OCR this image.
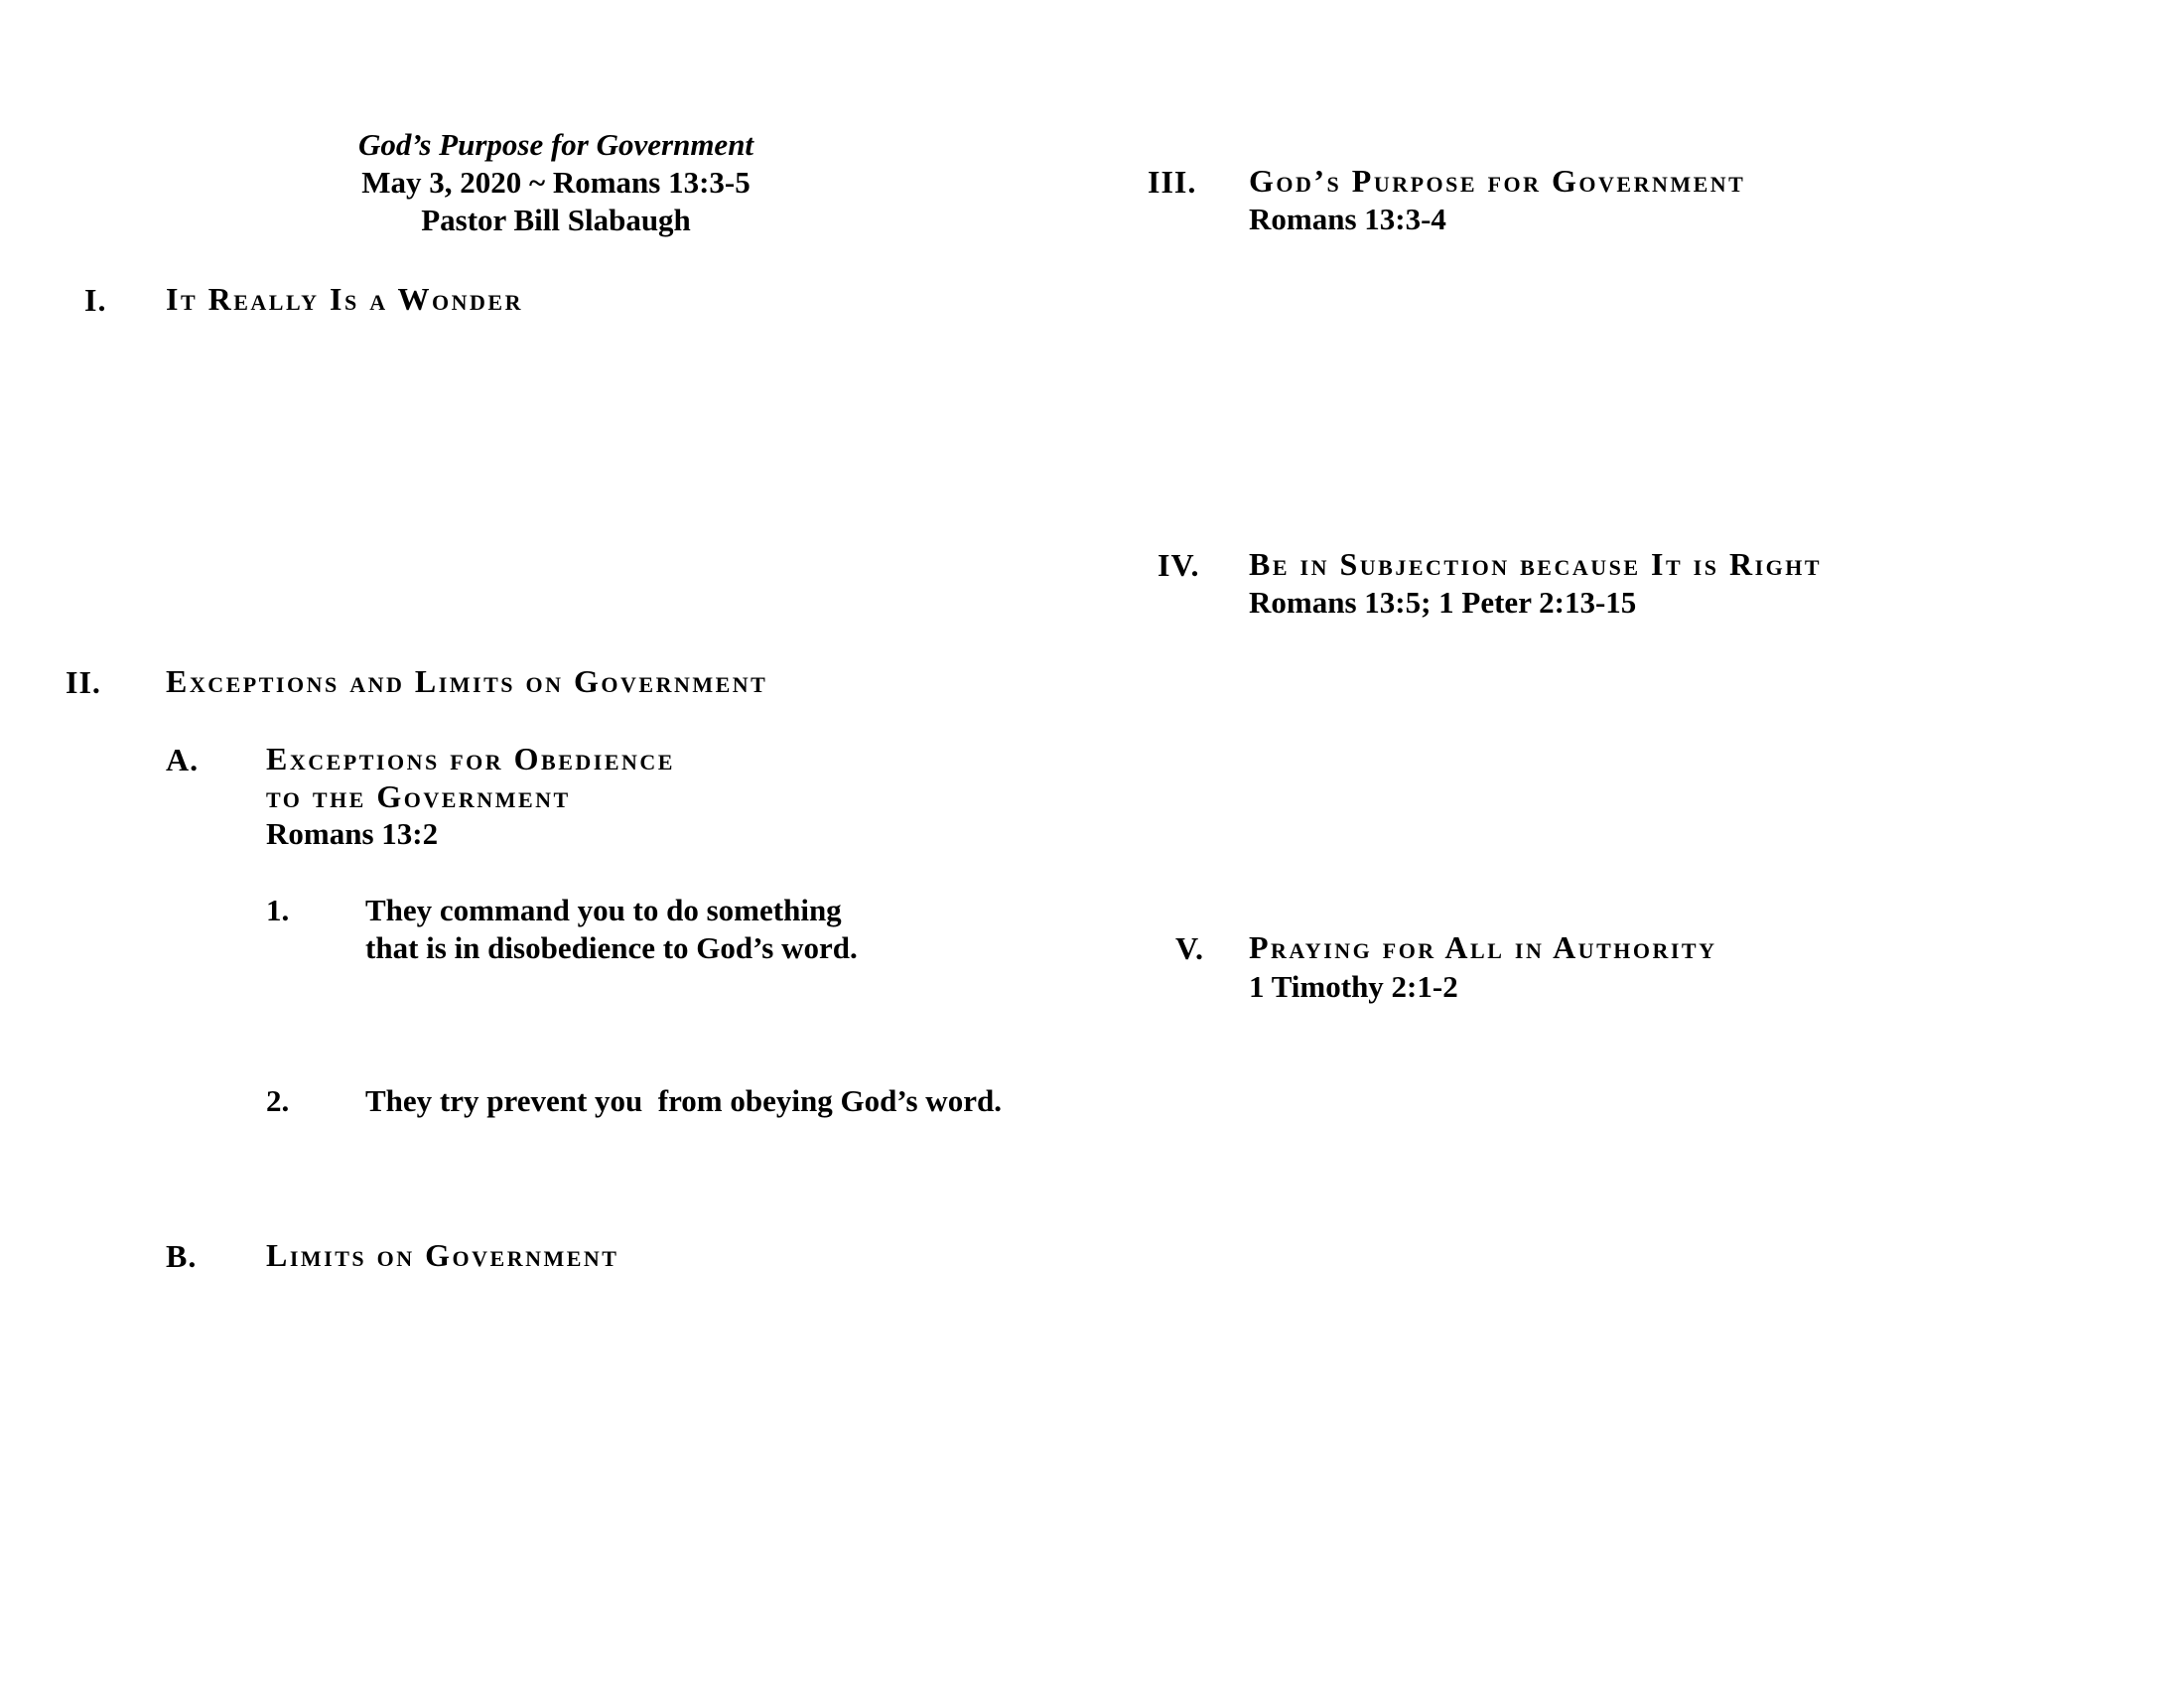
God’s Purpose for Government
May 3, 2020 ~ Romans 13:3-5
Pastor Bill Slabaugh
I. It Really Is a Wonder
II. Exceptions and Limits on Government
A. Exceptions for Obedience
to the Government
Romans 13:2
1. They command you to do something
that is in disobedience to God’s word.
2. They try prevent you  from obeying God’s word.
B. Limits on Government
III. God’s Purpose for Government
Romans 13:3-4
IV. Be in Subjection because It is Right
Romans 13:5; 1 Peter 2:13-15
V. Praying for All in Authority
1 Timothy 2:1-2
